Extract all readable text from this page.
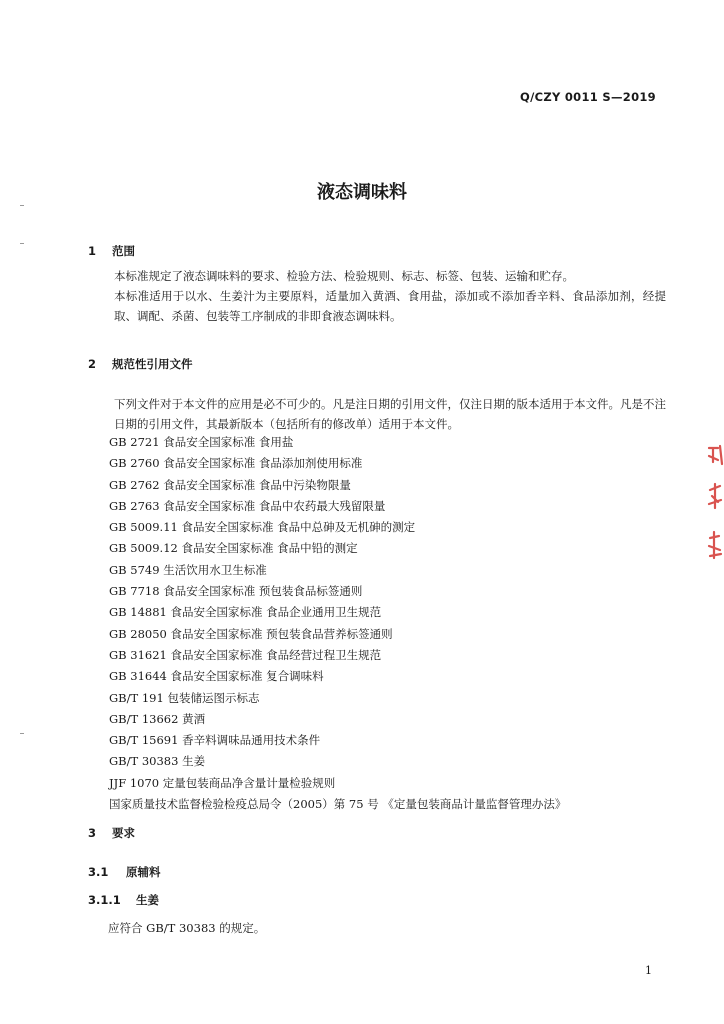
Q/CZY 0011 S—2019
液态调味料
1 范围
本标准规定了液态调味料的要求、检验方法、检验规则、标志、标签、包装、运输和贮存。
本标准适用于以水、生姜汁为主要原料，适量加入黄酒、食用盐，添加或不添加香辛料、食品添加剂，经提取、调配、杀菌、包装等工序制成的非即食液态调味料。
2 规范性引用文件
下列文件对于本文件的应用是必不可少的。凡是注日期的引用文件，仅注日期的版本适用于本文件。凡是不注日期的引用文件，其最新版本（包括所有的修改单）适用于本文件。
GB 2721 食品安全国家标准 食用盐
GB 2760 食品安全国家标准 食品添加剂使用标准
GB 2762 食品安全国家标准 食品中污染物限量
GB 2763 食品安全国家标准 食品中农药最大残留限量
GB 5009.11 食品安全国家标准 食品中总砷及无机砷的测定
GB 5009.12 食品安全国家标准 食品中铅的测定
GB 5749 生活饮用水卫生标准
GB 7718 食品安全国家标准 预包装食品标签通则
GB 14881 食品安全国家标准 食品企业通用卫生规范
GB 28050 食品安全国家标准 预包装食品营养标签通则
GB 31621 食品安全国家标准 食品经营过程卫生规范
GB 31644 食品安全国家标准 复合调味料
GB/T 191 包装储运图示标志
GB/T 13662 黄酒
GB/T 15691 香辛料调味品通用技术条件
GB/T 30383 生姜
JJF 1070 定量包装商品净含量计量检验规则
国家质量技术监督检验检疫总局令（2005）第 75 号 《定量包装商品计量监督管理办法》
3 要求
3.1 原辅料
3.1.1 生姜
应符合 GB/T 30383 的规定。
1
